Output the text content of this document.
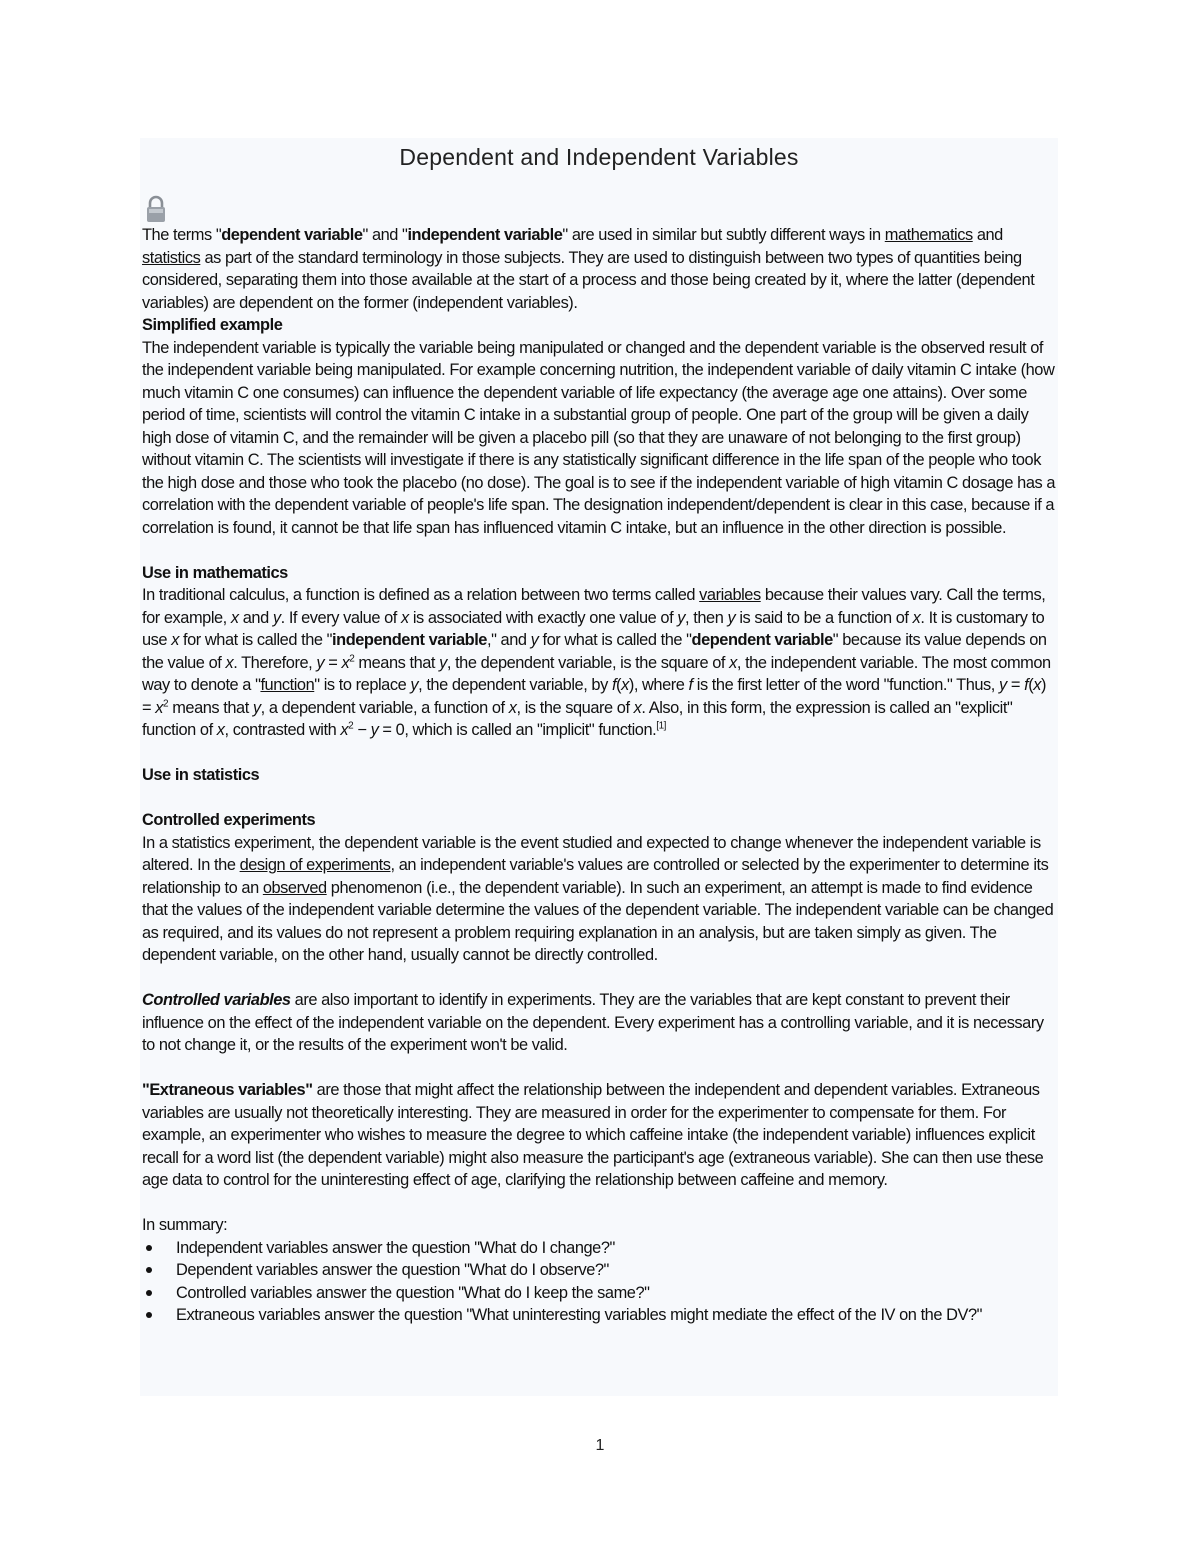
Dependent and Independent Variables

The terms "dependent variable" and "independent variable" are used in similar but subtly different ways in mathematics and statistics as part of the standard terminology in those subjects. They are used to distinguish between two types of quantities being considered, separating them into those available at the start of a process and those being created by it, where the latter (dependent variables) are dependent on the former (independent variables).

Simplified example

The independent variable is typically the variable being manipulated or changed and the dependent variable is the observed result of the independent variable being manipulated. For example concerning nutrition, the independent variable of daily vitamin C intake (how much vitamin C one consumes) can influence the dependent variable of life expectancy (the average age one attains). Over some period of time, scientists will control the vitamin C intake in a substantial group of people. One part of the group will be given a daily high dose of vitamin C, and the remainder will be given a placebo pill (so that they are unaware of not belonging to the first group) without vitamin C. The scientists will investigate if there is any statistically significant difference in the life span of the people who took the high dose and those who took the placebo (no dose). The goal is to see if the independent variable of high vitamin C dosage has a correlation with the dependent variable of people's life span. The designation independent/dependent is clear in this case, because if a correlation is found, it cannot be that life span has influenced vitamin C intake, but an influence in the other direction is possible.

Use in mathematics

In traditional calculus, a function is defined as a relation between two terms called variables because their values vary. Call the terms, for example, x and y. If every value of x is associated with exactly one value of y, then y is said to be a function of x. It is customary to use x for what is called the "independent variable," and y for what is called the "dependent variable" because its value depends on the value of x. Therefore, $y = x^2$ means that y, the dependent variable, is the square of x, the independent variable. The most common way to denote a "function" is to replace y, the dependent variable, by f(x), where f is the first letter of the word "function." Thus, $y = f(x) = x^2$ means that y, a dependent variable, a function of x, is the square of x. Also, in this form, the expression is called an "explicit" function of x, contrasted with $x^2 - y = 0$, which is called an "implicit" function.[1]

Use in statistics

Controlled experiments

In a statistics experiment, the dependent variable is the event studied and expected to change whenever the independent variable is altered. In the design of experiments, an independent variable's values are controlled or selected by the experimenter to determine its relationship to an observed phenomenon (i.e., the dependent variable). In such an experiment, an attempt is made to find evidence that the values of the independent variable determine the values of the dependent variable. The independent variable can be changed as required, and its values do not represent a problem requiring explanation in an analysis, but are taken simply as given. The dependent variable, on the other hand, usually cannot be directly controlled.

Controlled variables are also important to identify in experiments. They are the variables that are kept constant to prevent their influence on the effect of the independent variable on the dependent. Every experiment has a controlling variable, and it is necessary to not change it, or the results of the experiment won't be valid.

"Extraneous variables" are those that might affect the relationship between the independent and dependent variables. Extraneous variables are usually not theoretically interesting. They are measured in order for the experimenter to compensate for them. For example, an experimenter who wishes to measure the degree to which caffeine intake (the independent variable) influences explicit recall for a word list (the dependent variable) might also measure the participant's age (extraneous variable). She can then use these age data to control for the uninteresting effect of age, clarifying the relationship between caffeine and memory.

In summary:

Independent variables answer the question "What do I change?"
Dependent variables answer the question "What do I observe?"
Controlled variables answer the question "What do I keep the same?"
Extraneous variables answer the question "What uninteresting variables might mediate the effect of the IV on the DV?"
1
